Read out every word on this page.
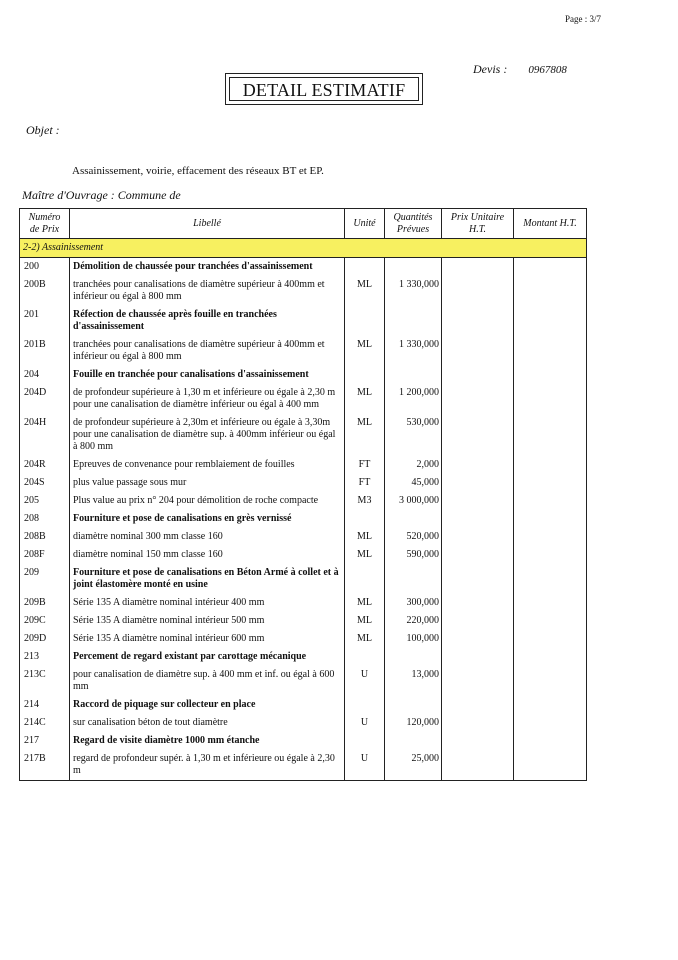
Page : 3/7
Devis : 0967808
DETAIL ESTIMATIF
Objet :
Assainissement, voirie, effacement des réseaux BT et EP.
Maître d'Ouvrage : Commune de
Numéro de Prix	Libellé	Unité	Quantités Prévues	Prix Unitaire H.T.	Montant H.T.
2-2) Assainissement					
200	Démolition de chaussée pour tranchées d'assainissement				
200B	tranchées pour canalisations de diamètre supérieur à 400mm et inférieur ou égal à 800 mm	ML	1 330,000		
201	Réfection de chaussée après fouille en tranchées d'assainissement				
201B	tranchées pour canalisations de diamètre supérieur à 400mm et inférieur ou égal à 800 mm	ML	1 330,000		
204	Fouille en tranchée pour canalisations d'assainissement				
204D	de profondeur supérieure à 1,30 m et inférieure ou égale à 2,30 m pour une canalisation de diamètre inférieur ou égal à 400 mm	ML	1 200,000		
204H	de profondeur supérieure à 2,30m et inférieure ou égale à 3,30m pour une canalisation de diamètre sup. à 400mm inférieur ou égal à 800 mm	ML	530,000		
204R	Epreuves de convenance pour remblaiement de fouilles	FT	2,000		
204S	plus value passage sous mur	FT	45,000		
205	Plus value au prix n° 204 pour démolition de roche compacte	M3	3 000,000		
208	Fourniture et pose de canalisations en grès vernissé				
208B	diamètre nominal 300 mm classe 160	ML	520,000		
208F	diamètre nominal 150 mm classe 160	ML	590,000		
209	Fourniture et pose de canalisations en Béton Armé à collet et à joint élastomère monté en usine				
209B	Série 135 A diamètre nominal intérieur 400 mm	ML	300,000		
209C	Série 135 A diamètre nominal intérieur 500 mm	ML	220,000		
209D	Série 135 A diamètre nominal intérieur 600 mm	ML	100,000		
213	Percement de regard existant par carottage mécanique				
213C	pour canalisation de diamètre sup. à 400 mm et inf. ou égal à 600 mm	U	13,000		
214	Raccord de piquage sur collecteur en place				
214C	sur canalisation béton de tout diamètre	U	120,000		
217	Regard de visite diamètre 1000 mm étanche				
217B	regard de profondeur supér. à 1,30 m et inférieure ou égale à 2,30 m	U	25,000		
